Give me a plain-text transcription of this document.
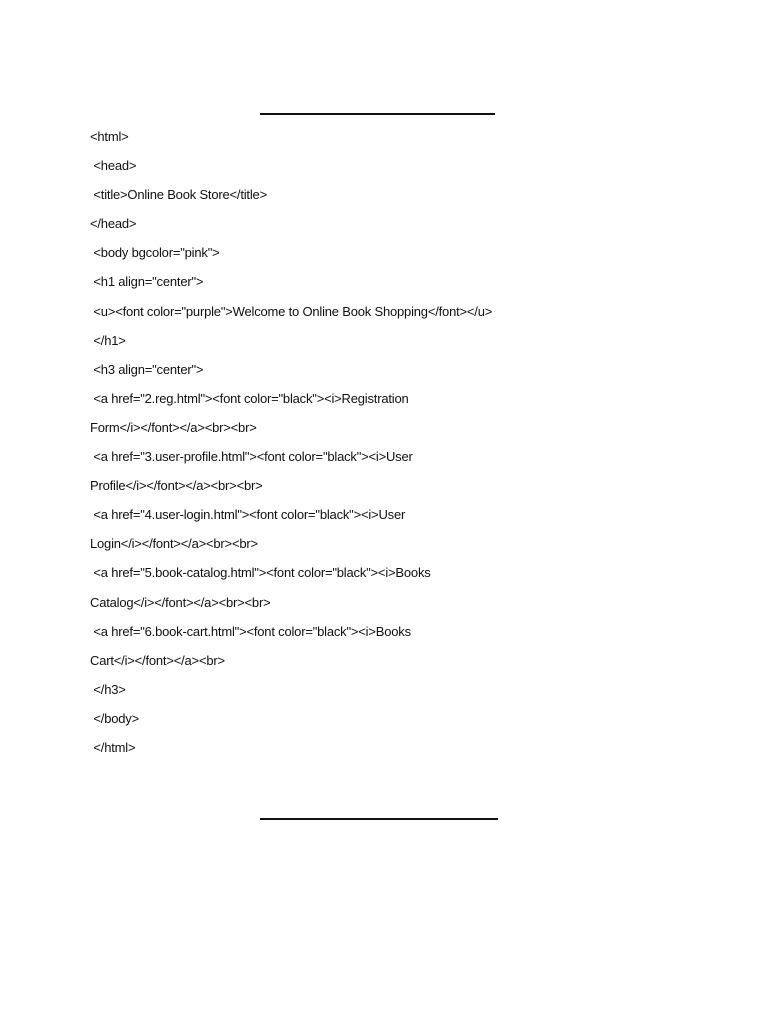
<html>
<head>
<title>Online Book Store</title>
</head>
<body bgcolor="pink">
<h1 align="center">
<u><font color="purple">Welcome to Online Book Shopping</font></u>
</h1>
<h3 align="center">
<a href="2.reg.html"><font color="black"><i>Registration
Form</i></font></a><br><br>
<a href="3.user-profile.html"><font color="black"><i>User
Profile</i></font></a><br><br>
<a href="4.user-login.html"><font color="black"><i>User
Login</i></font></a><br><br>
<a href="5.book-catalog.html"><font color="black"><i>Books
Catalog</i></font></a><br><br>
<a href="6.book-cart.html"><font color="black"><i>Books
Cart</i></font></a><br>
</h3>
</body>
</html>
